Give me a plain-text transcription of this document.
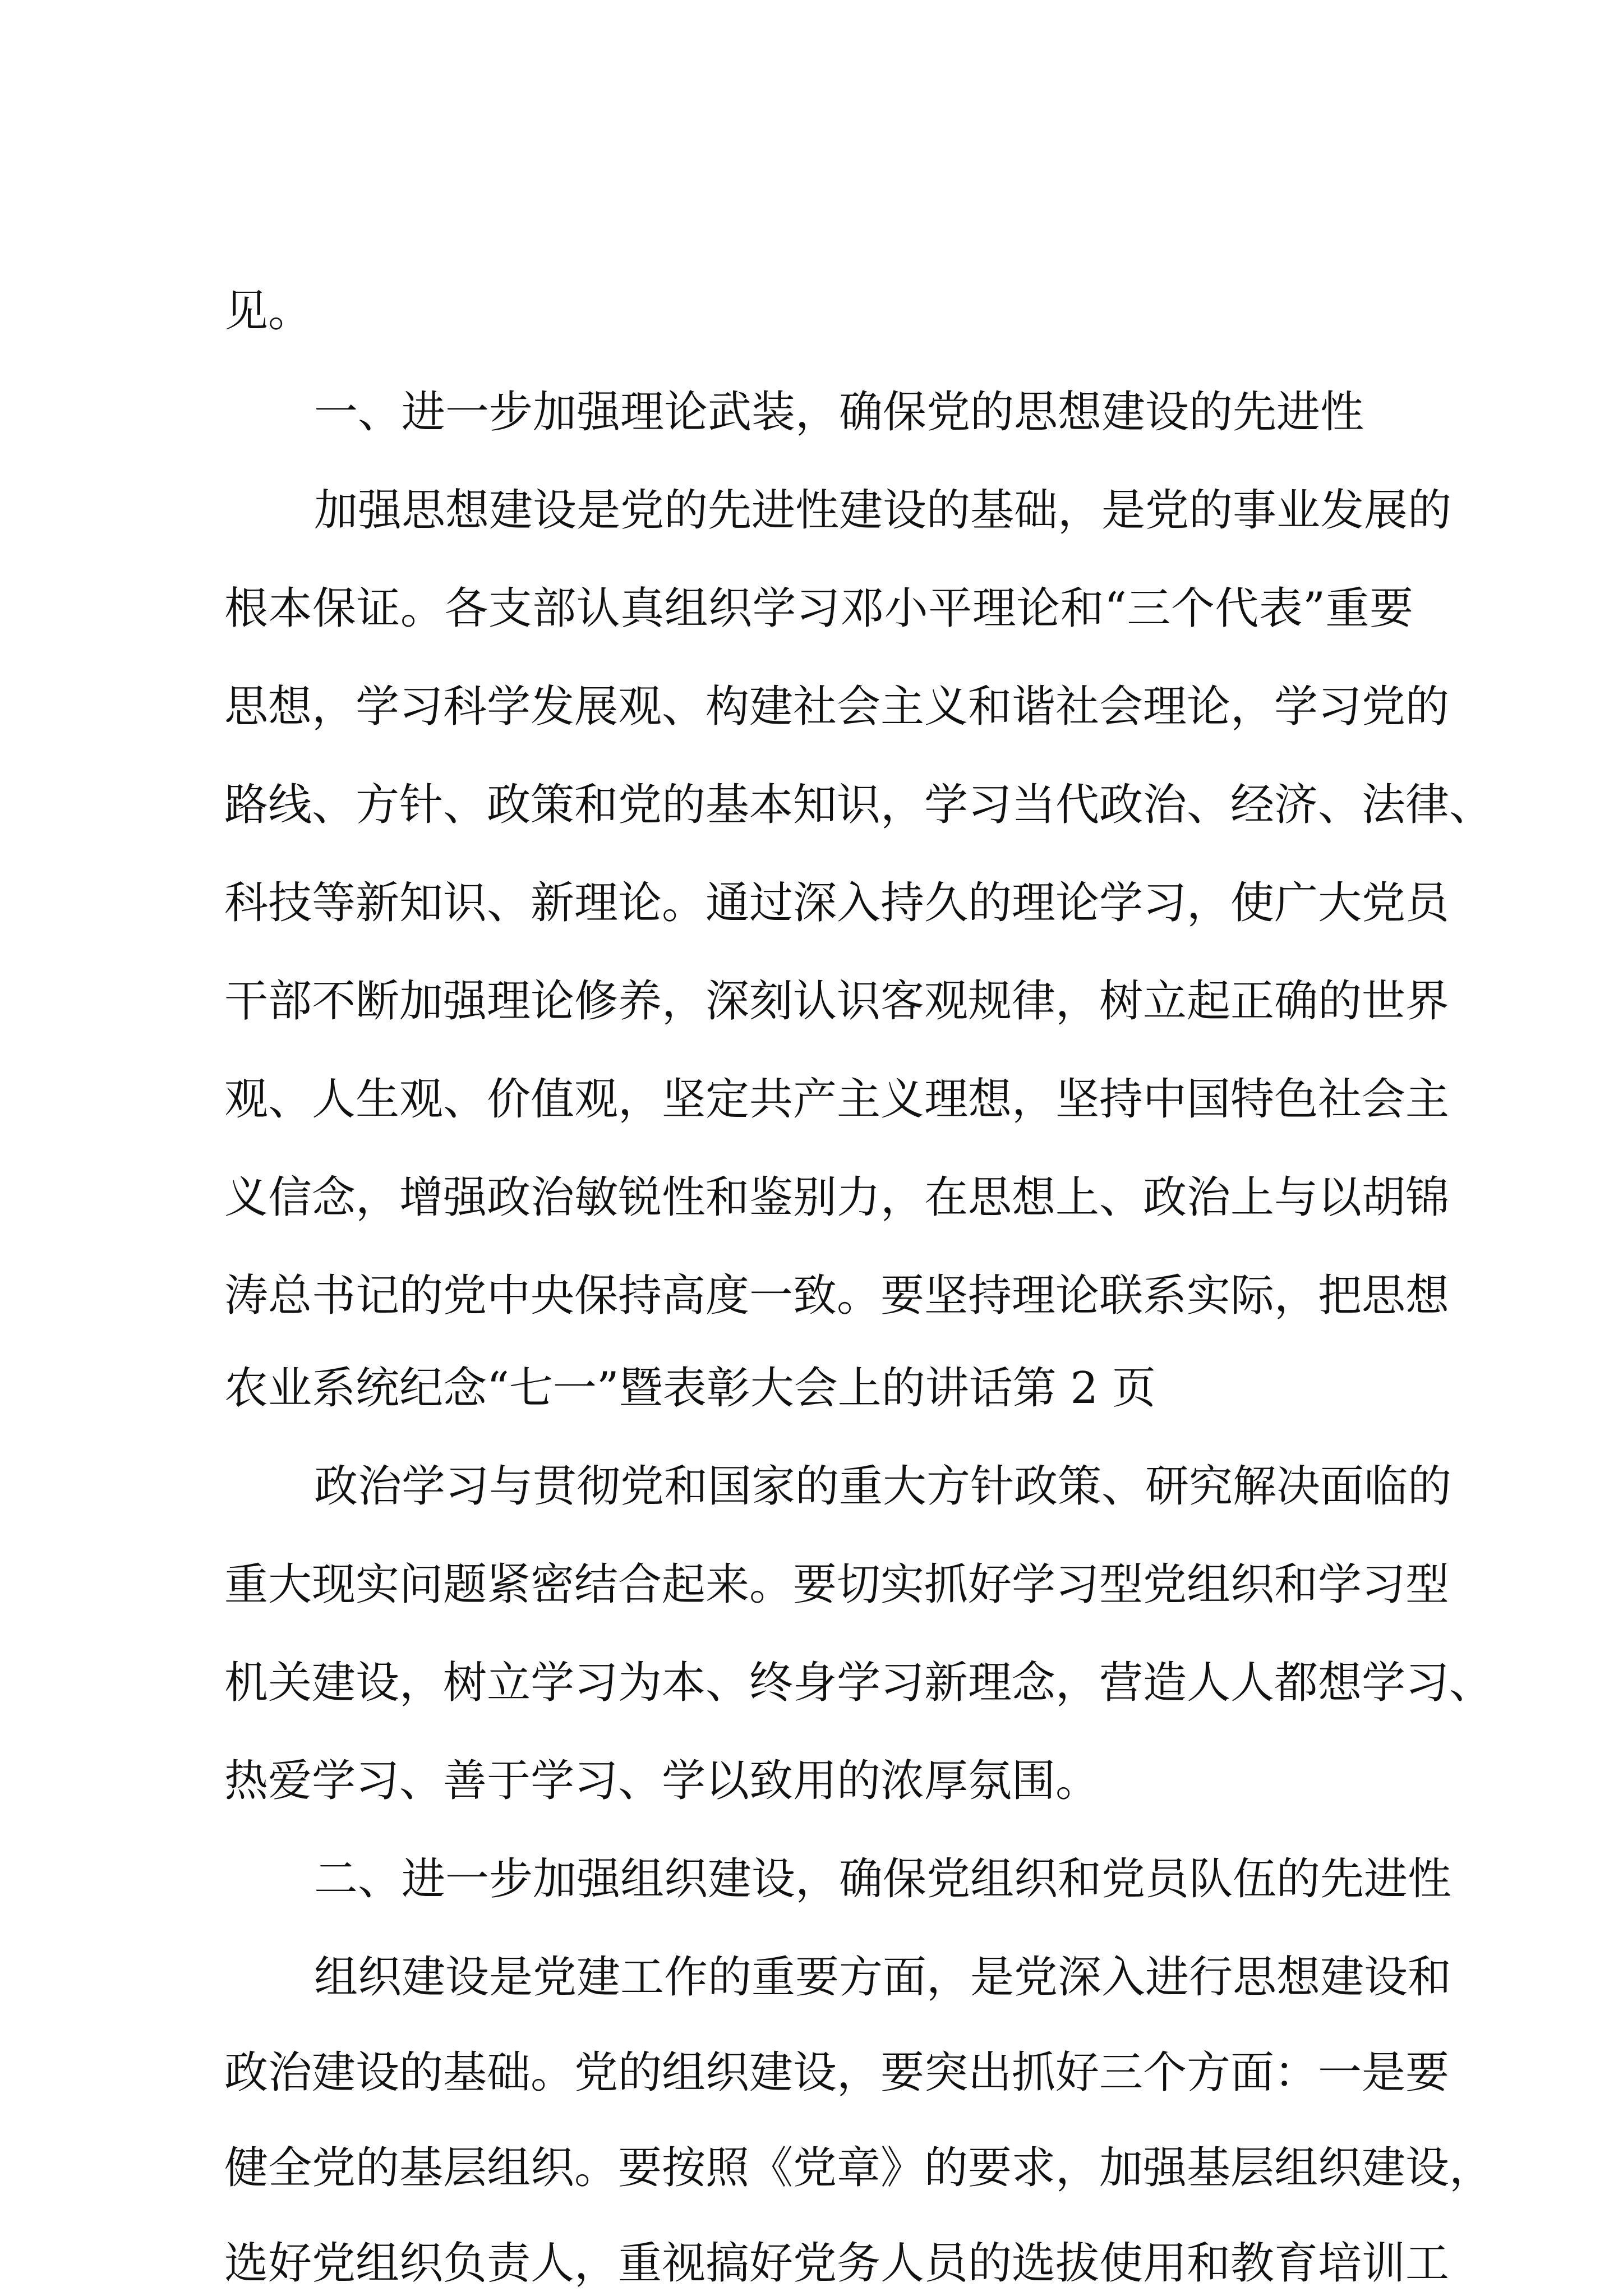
见。
一、进一步加强理论武装，确保党的思想建设的先进性
加强思想建设是党的先进性建设的基础，是党的事业发展的
根本保证。各支部认真组织学习邓小平理论和“三个代表”重要
思想，学习科学发展观、构建社会主义和谐社会理论，学习党的
路线、方针、政策和党的基本知识，学习当代政治、经济、法律、
科技等新知识、新理论。通过深入持久的理论学习，使广大党员
干部不断加强理论修养，深刻认识客观规律，树立起正确的世界
观、人生观、价值观，坚定共产主义理想，坚持中国特色社会主
义信念，增强政治敏锐性和鉴别力，在思想上、政治上与以胡锦
涛总书记的党中央保持高度一致。要坚持理论联系实际，把思想
农业系统纪念“七一”暨表彰大会上的讲话第 2 页
政治学习与贯彻党和国家的重大方针政策、研究解决面临的
重大现实问题紧密结合起来。要切实抓好学习型党组织和学习型
机关建设，树立学习为本、终身学习新理念，营造人人都想学习、
热爱学习、善于学习、学以致用的浓厚氛围。
二、进一步加强组织建设，确保党组织和党员队伍的先进性
组织建设是党建工作的重要方面，是党深入进行思想建设和
政治建设的基础。党的组织建设，要突出抓好三个方面：一是要
健全党的基层组织。要按照《党章》的要求，加强基层组织建设，
选好党组织负责人，重视搞好党务人员的选拔使用和教育培训工
